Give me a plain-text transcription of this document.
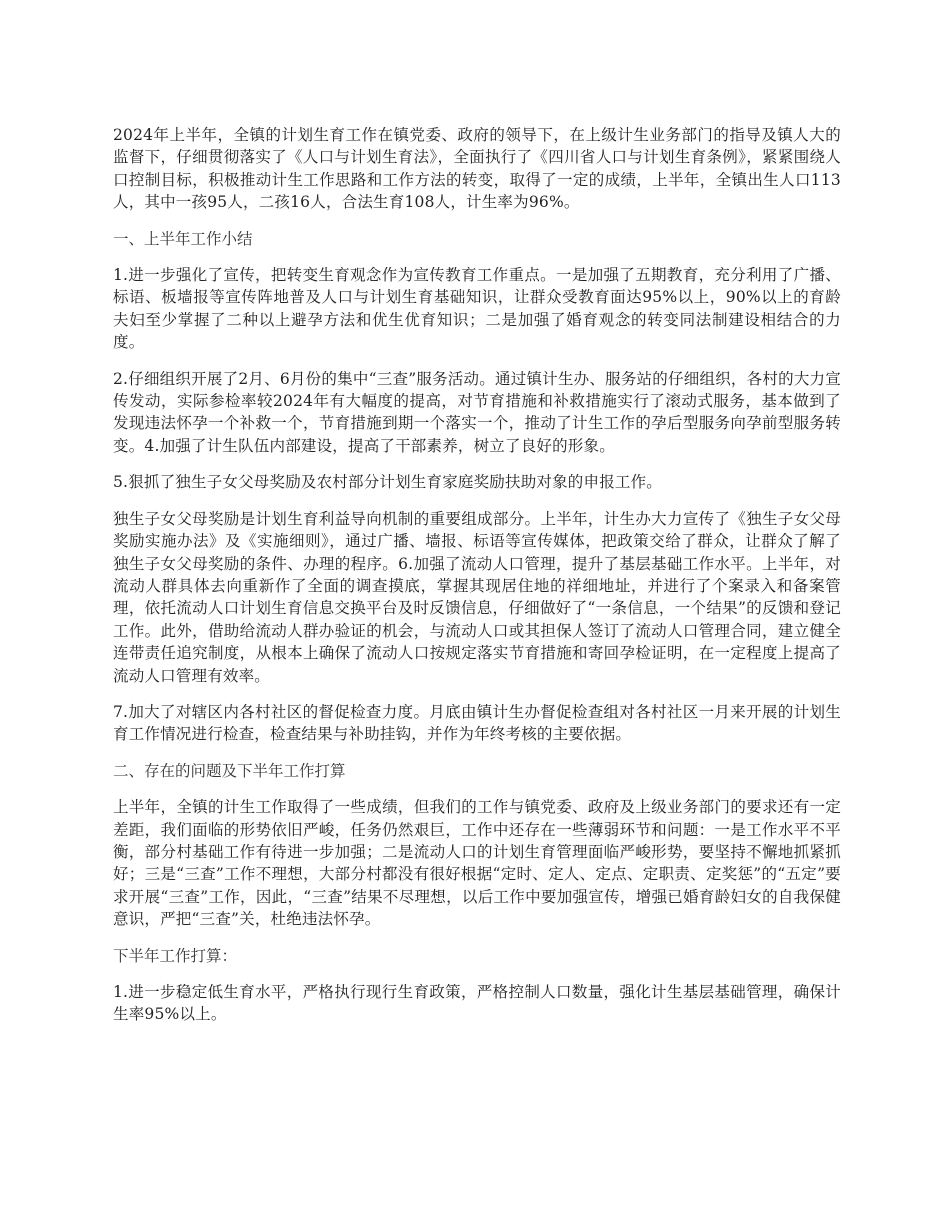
2024年上半年，全镇的计划生育工作在镇党委、政府的领导下，在上级计生业务部门的指导及镇人大的监督下，仔细贯彻落实了《人口与计划生育法》，全面执行了《四川省人口与计划生育条例》，紧紧围绕人口控制目标，积极推动计生工作思路和工作方法的转变，取得了一定的成绩，上半年，全镇出生人口113人，其中一孩95人，二孩16人，合法生育108人，计生率为96%。

一、上半年工作小结

1.进一步强化了宣传，把转变生育观念作为宣传教育工作重点。一是加强了五期教育，充分利用了广播、标语、板墙报等宣传阵地普及人口与计划生育基础知识，让群众受教育面达95%以上，90%以上的育龄夫妇至少掌握了二种以上避孕方法和优生优育知识；二是加强了婚育观念的转变同法制建设相结合的力度。

2.仔细组织开展了2月、6月份的集中“三查”服务活动。通过镇计生办、服务站的仔细组织，各村的大力宣传发动，实际参检率较2024年有大幅度的提高，对节育措施和补救措施实行了滚动式服务，基本做到了发现违法怀孕一个补救一个，节育措施到期一个落实一个，推动了计生工作的孕后型服务向孕前型服务转变。4.加强了计生队伍内部建设，提高了干部素养，树立了良好的形象。

5.狠抓了独生子女父母奖励及农村部分计划生育家庭奖励扶助对象的申报工作。

独生子女父母奖励是计划生育利益导向机制的重要组成部分。上半年，计生办大力宣传了《独生子女父母奖励实施办法》及《实施细则》，通过广播、墙报、标语等宣传媒体，把政策交给了群众，让群众了解了独生子女父母奖励的条件、办理的程序。6.加强了流动人口管理，提升了基层基础工作水平。上半年，对流动人群具体去向重新作了全面的调查摸底，掌握其现居住地的祥细地址，并进行了个案录入和备案管理，依托流动人口计划生育信息交换平台及时反馈信息，仔细做好了“一条信息，一个结果”的反馈和登记工作。此外，借助给流动人群办验证的机会，与流动人口或其担保人签订了流动人口管理合同，建立健全连带责任追究制度，从根本上确保了流动人口按规定落实节育措施和寄回孕检证明，在一定程度上提高了流动人口管理有效率。

7.加大了对辖区内各村社区的督促检查力度。月底由镇计生办督促检查组对各村社区一月来开展的计划生育工作情况进行检查，检查结果与补助挂钩，并作为年终考核的主要依据。

二、存在的问题及下半年工作打算

上半年，全镇的计生工作取得了一些成绩，但我们的工作与镇党委、政府及上级业务部门的要求还有一定差距，我们面临的形势依旧严峻，任务仍然艰巨，工作中还存在一些薄弱环节和问题：一是工作水平不平衡，部分村基础工作有待进一步加强；二是流动人口的计划生育管理面临严峻形势，要坚持不懈地抓紧抓好；三是“三查”工作不理想，大部分村都没有很好根据“定时、定人、定点、定职责、定奖惩”的“五定”要求开展“三查”工作，因此，“三查”结果不尽理想，以后工作中要加强宣传，增强已婚育龄妇女的自我保健意识，严把“三查”关，杜绝违法怀孕。

下半年工作打算：

1.进一步稳定低生育水平，严格执行现行生育政策，严格控制人口数量，强化计生基层基础管理，确保计生率95%以上。
